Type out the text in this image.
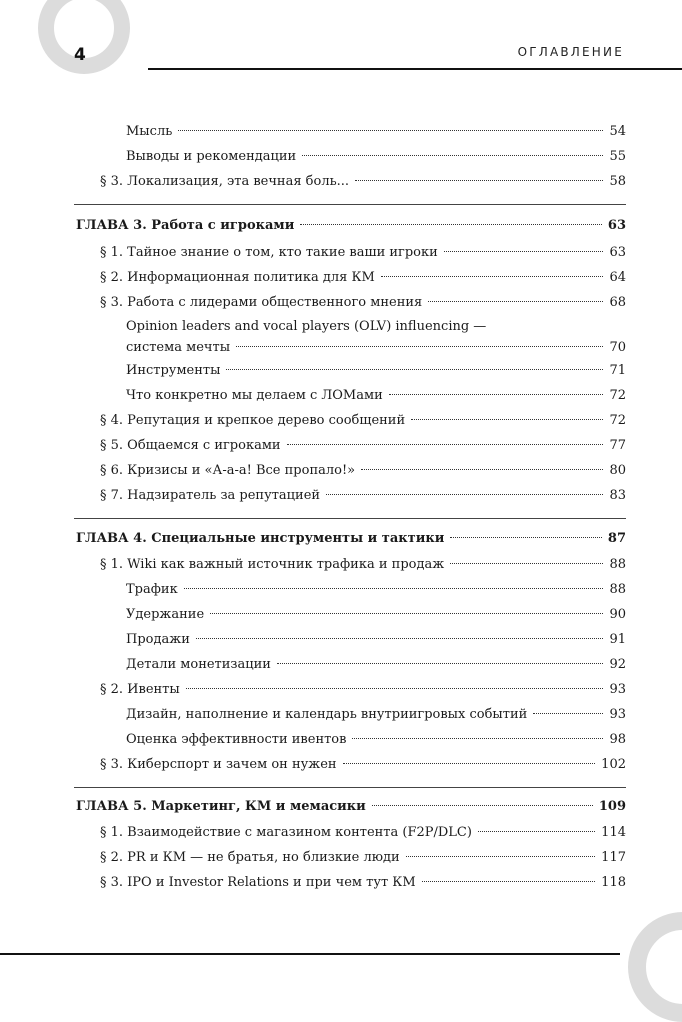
4	ОГЛАВЛЕНИЕ
Мысль	54
Выводы и рекомендации	55
§ 3. Локализация, эта вечная боль...	58
ГЛАВА 3. Работа с игроками	63
§ 1. Тайное знание о том, кто такие ваши игроки	63
§ 2. Информационная политика для КМ	64
§ 3. Работа с лидерами общественного мнения	68
Opinion leaders and vocal players (OLV) influencing —
система мечты	70
Инструменты	71
Что конкретно мы делаем с ЛОМами	72
§ 4. Репутация и крепкое дерево сообщений	72
§ 5. Общаемся с игроками	77
§ 6. Кризисы и «А-а-а! Все пропало!»	80
§ 7. Надзиратель за репутацией	83
ГЛАВА 4. Специальные инструменты и тактики	87
§ 1. Wiki как важный источник трафика и продаж	88
Трафик	88
Удержание	90
Продажи	91
Детали монетизации	92
§ 2. Ивенты	93
Дизайн, наполнение и календарь внутриигровых событий	93
Оценка эффективности ивентов	98
§ 3. Киберспорт и зачем он нужен	102
ГЛАВА 5. Маркетинг, КМ и мемасики	109
§ 1. Взаимодействие с магазином контента (F2P/DLC)	114
§ 2. PR и КМ — не братья, но близкие люди	117
§ 3. IPO и Investor Relations и при чем тут КМ	118
